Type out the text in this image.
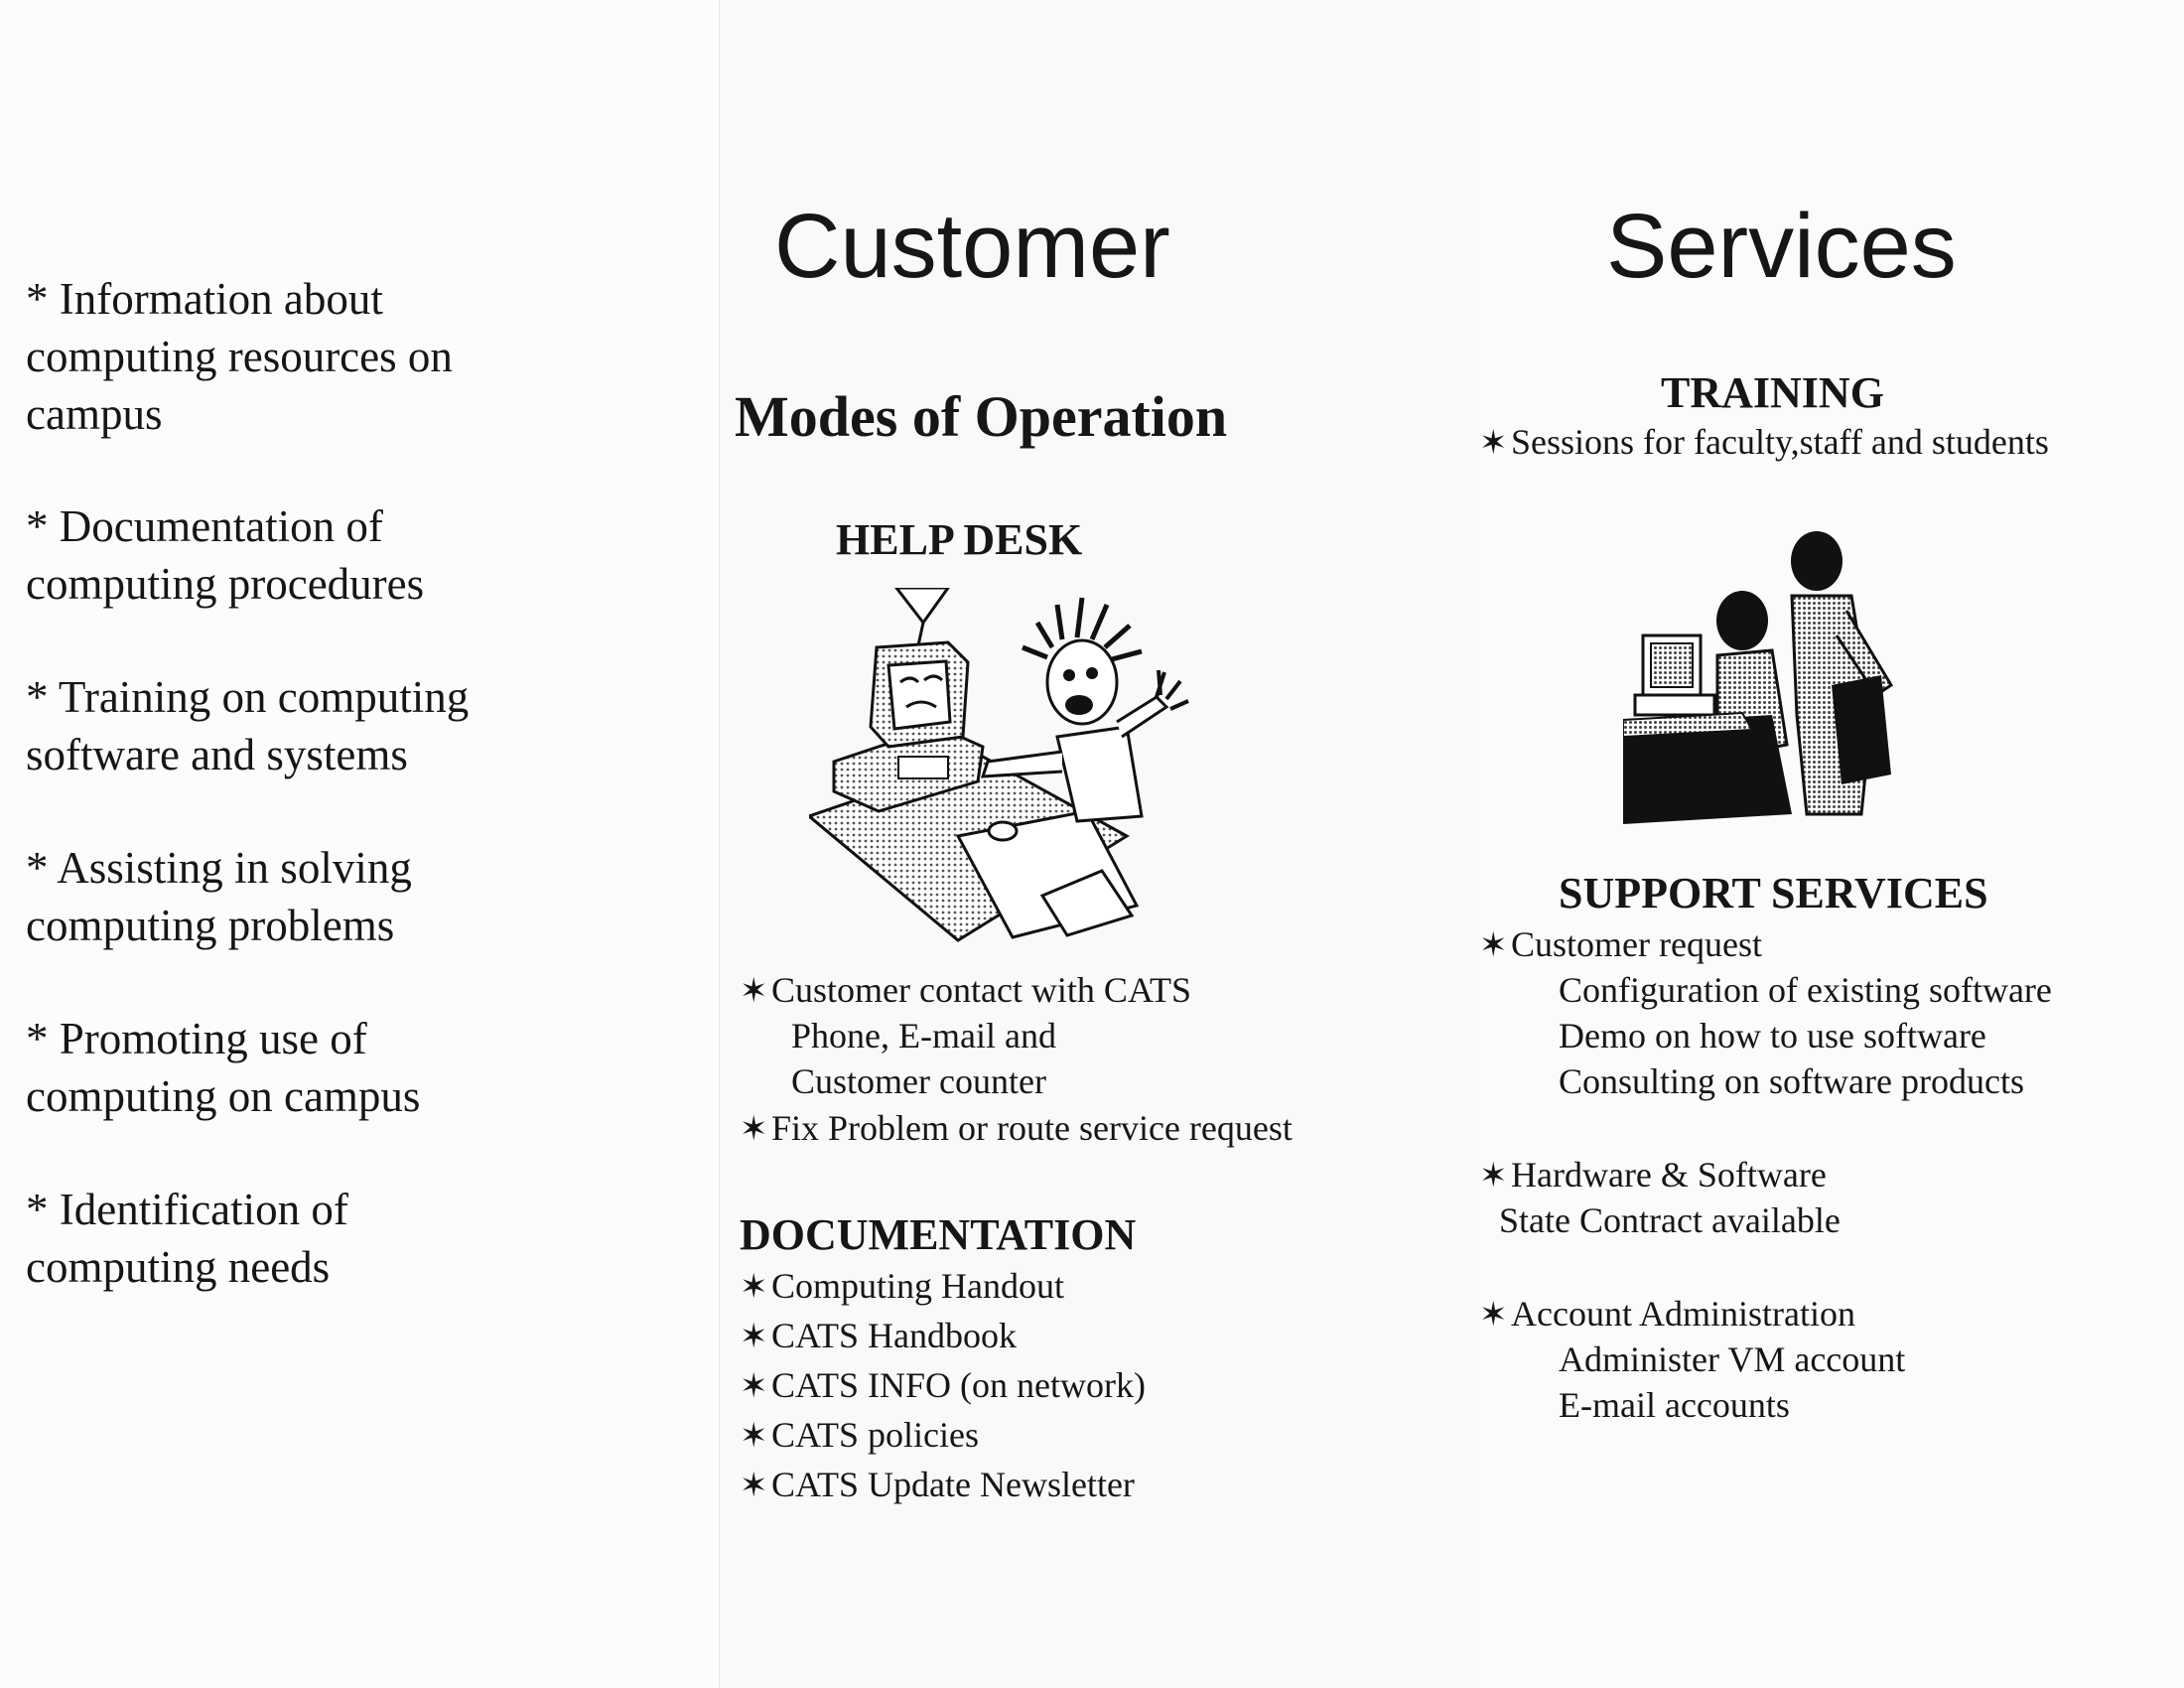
* Information about
computing resources on
campus
* Documentation of
computing procedures
* Training on computing
software and systems
* Assisting in solving
computing problems
* Promoting use of
computing on campus
* Identification of
computing needs
Customer
Modes of Operation
HELP DESK
✶Customer contact with CATS
Phone, E-mail and
Customer counter
✶Fix Problem or route service request
DOCUMENTATION
✶Computing Handout
✶CATS Handbook
✶CATS INFO (on network)
✶CATS policies
✶CATS Update Newsletter
Services
TRAINING
✶Sessions for faculty,staff and students
SUPPORT SERVICES
✶Customer request
Configuration of existing software
Demo on how to use software
Consulting on software products
✶Hardware & Software
State Contract available
✶Account Administration
Administer VM account
E-mail accounts
